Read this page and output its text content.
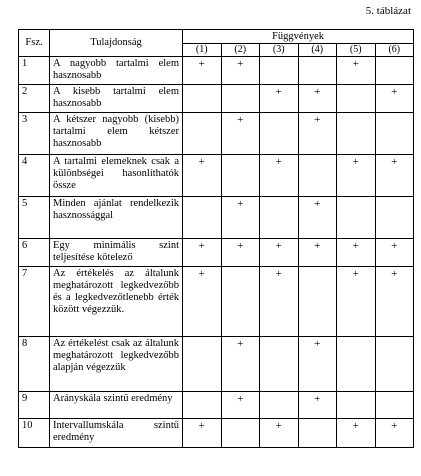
5. táblázat
Fsz.	Tulajdonság	Függvények					
		(1)	(2)	(3)	(4)	(5)	(6)
1	A nagyobb tartalmi elem hasznosabb	+	+			+	
2	A kisebb tartalmi elem hasznosabb			+	+		+
3	A kétszer nagyobb (kisebb) tartalmi elem kétszer hasznosabb		+		+		
4	A tartalmi elemeknek csak a különbségei hasonlíthatók össze	+		+		+	+
5	Minden ajánlat rendelkezik hasznossággal		+		+		
6	Egy minimális szint teljesítése kötelező	+	+	+	+	+	+
7	Az értékelés az általunk meghatározott legkedvezőbb és a legkedvezőtlenebb érték között végezzük.	+		+		+	+
8	Az értékelést csak az általunk meghatározott legkedvezőbb alapján végezzük		+		+		
9	Arányskála szintű eredmény		+		+		
10	Intervallumskála szintű eredmény	+		+		+	+
